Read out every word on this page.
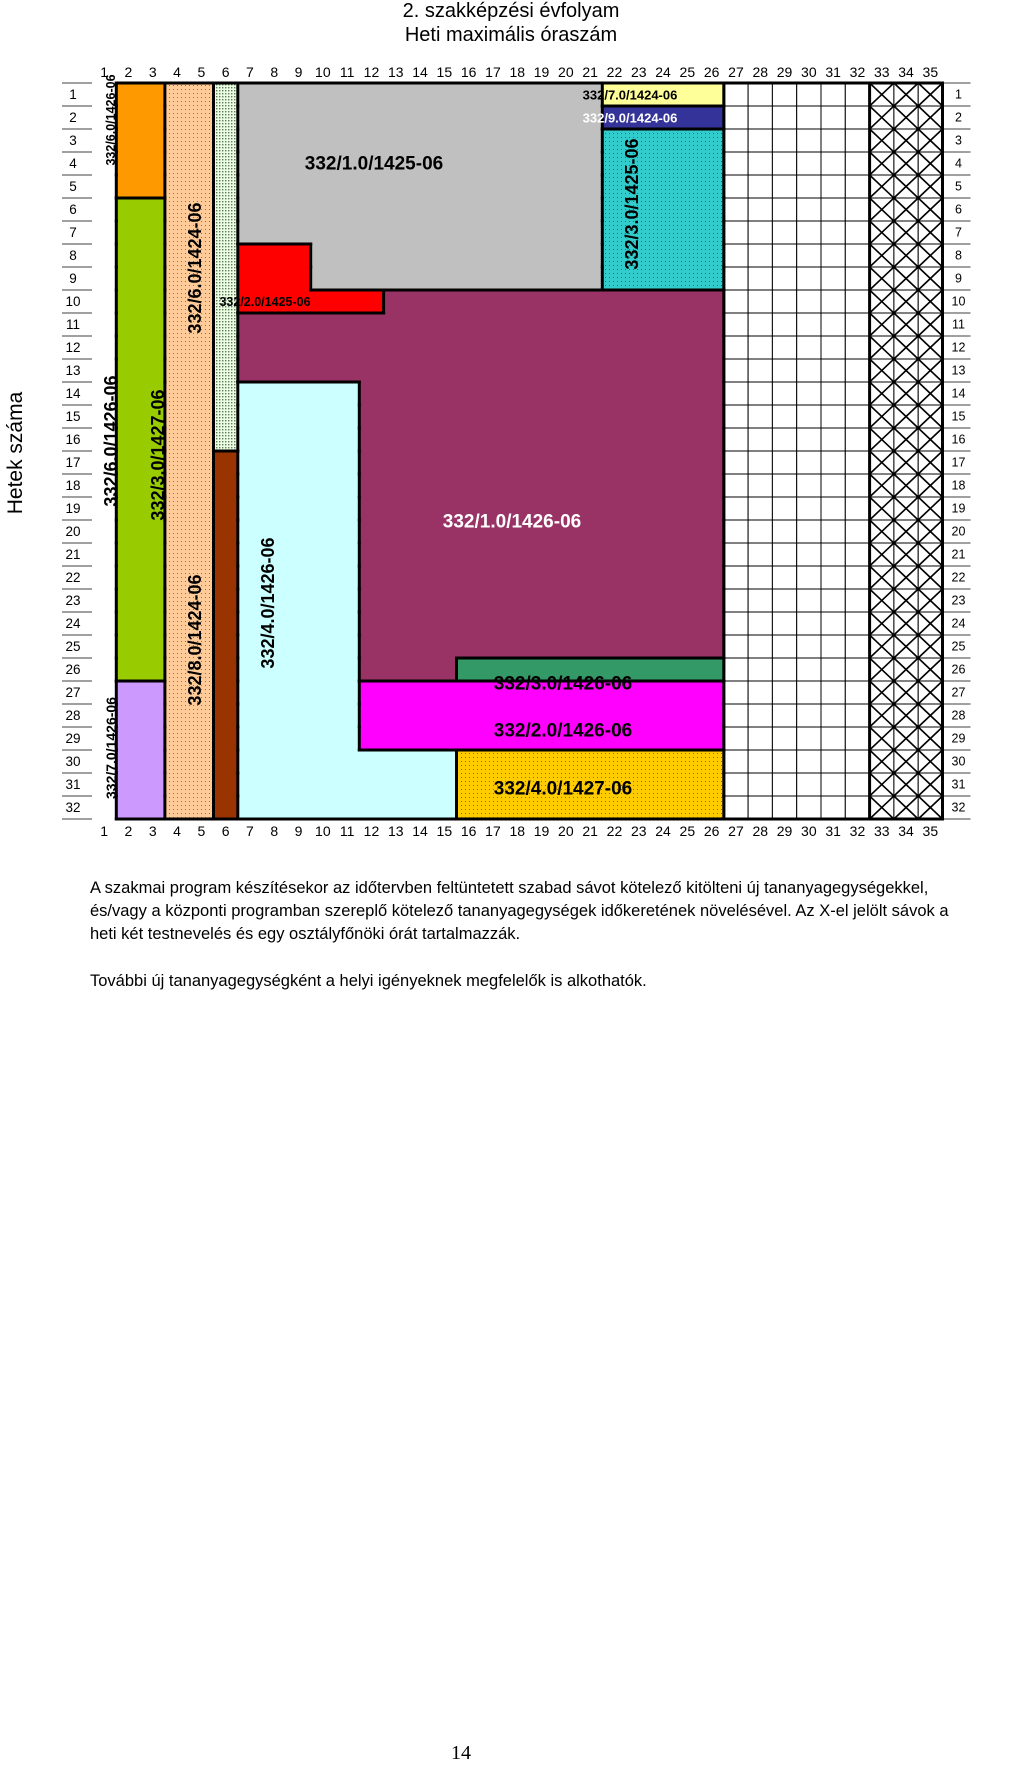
2. szakképzési évfolyam
Heti maximális óraszám
Hetek száma
332/6.0/1426-06
332/6.0/1426-06
332/7.0/1426-06
332/3.0/1427-06
332/6.0/1424-06
332/8.0/1424-06
332/1.0/1425-06
332/2.0/1425-06
332/7.0/1424-06
332/9.0/1424-06
332/3.0/1425-06
332/1.0/1426-06
332/4.0/1426-06
332/3.0/1426-06
332/2.0/1426-06
332/4.0/1427-06
1
1
2
2
3
3
4
4
5
5
6
6
7
7
8
8
9
9
10
10
11
11
12
12
13
13
14
14
15
15
16
16
17
17
18
18
19
19
20
20
21
21
22
22
23
23
24
24
25
25
26
26
27
27
28
28
29
29
30
30
31
31
32
32
33
33
34
34
35
35
1	1
2	2
3	3
4	4
5	5
6	6
7	7
8	8
9	9
10	10
11	11
12	12
13	13
14	14
15	15
16	16
17	17
18	18
19	19
20	20
21	21
22	22
23	23
24	24
25	25
26	26
27	27
28	28
29	29
30	30
31	31
32	32
A szakmai program készítésekor az időtervben feltüntetett szabad sávot kötelező kitölteni új tananyagegységekkel, és/vagy a központi programban szereplő kötelező tananyagegységek időkeretének növelésével. Az X-el jelölt sávok a heti két testnevelés és egy osztályfőnöki órát tartalmazzák.
További új tananyagegységként a helyi igényeknek megfelelők is alkothatók.
14
